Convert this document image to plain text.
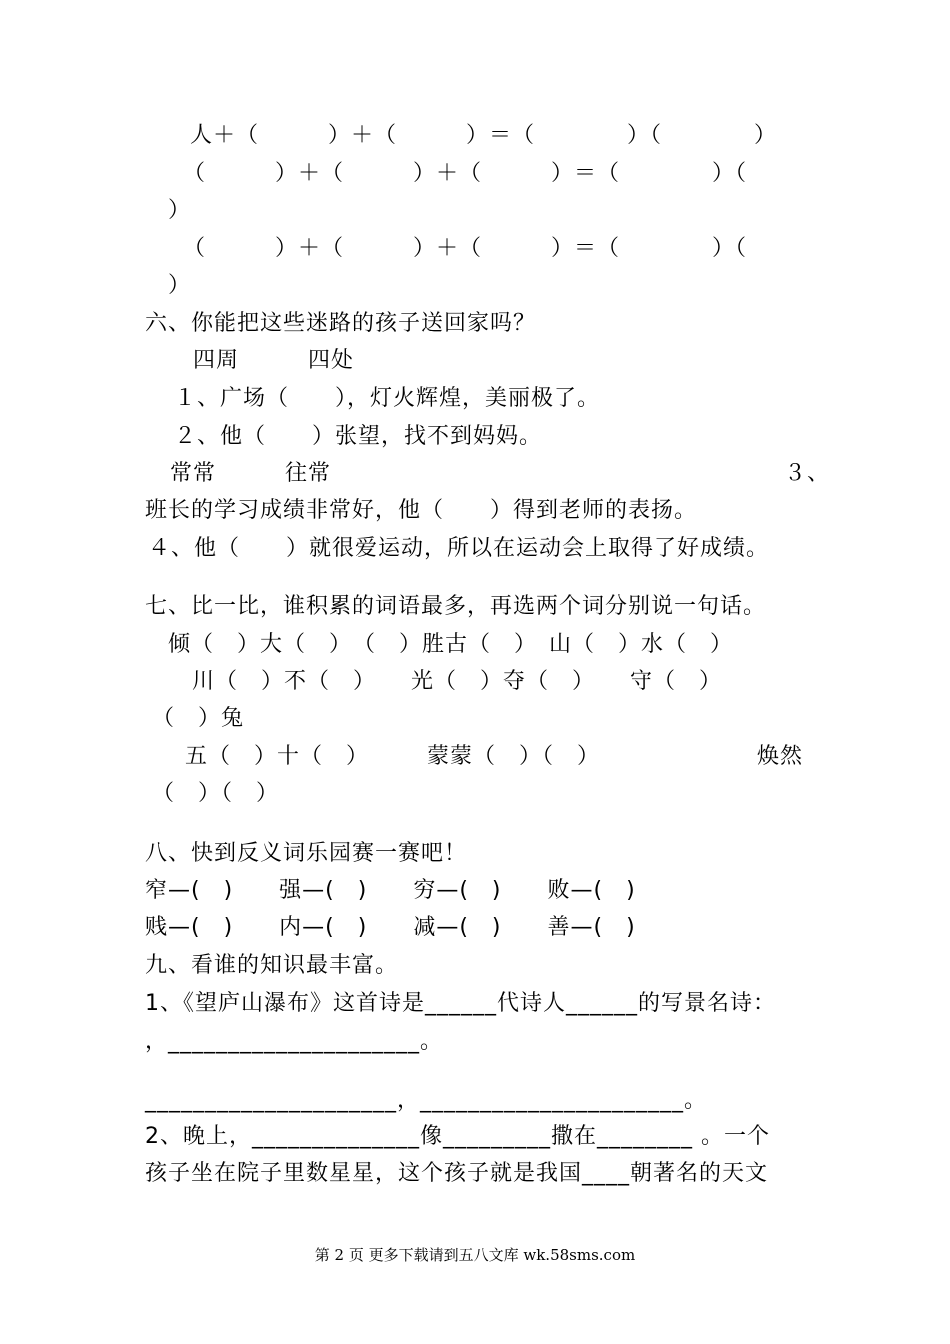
人＋（　　　）＋（　　　）＝（　　　　）（　　　　）
（　　　）＋（　　　）＋（　　　）＝（　　　　）（
）
（　　　）＋（　　　）＋（　　　）＝（　　　　）（
）
六、你能把这些迷路的孩子送回家吗？
四周　　　四处
１、广场（　　），灯火辉煌，美丽极了。
２、他（　　）张望，找不到妈妈。
常常　　　往常	３、
班长的学习成绩非常好，他（　　）得到老师的表扬。
４、他（　　）就很爱运动，所以在运动会上取得了好成绩。
七、比一比，谁积累的词语最多，再选两个词分别说一句话。
倾（　）大（　）　（　）胜古（　）　山（　）水（　）
川（　）不（　）　　光（　）夺（　）　　守（　）
（　）兔
五（　）十（　）　　　蒙蒙（　）（　）	焕然
（　）（　）
八、快到反义词乐园赛一赛吧！
窄—(　)　　强—(　)　　穷—(　)　　败—(　)
贱—(　)　　内—(　)　　减—(　)　　善—(　)
九、看谁的知识最丰富。
1、《望庐山瀑布》这首诗是______代诗人______的写景名诗：
，_____________________。
_____________________，______________________。
2、晚上，______________像_________撒在________ 。一个
孩子坐在院子里数星星，这个孩子就是我国____朝著名的天文
第 2 页 更多下载请到五八文库 wk.58sms.com
